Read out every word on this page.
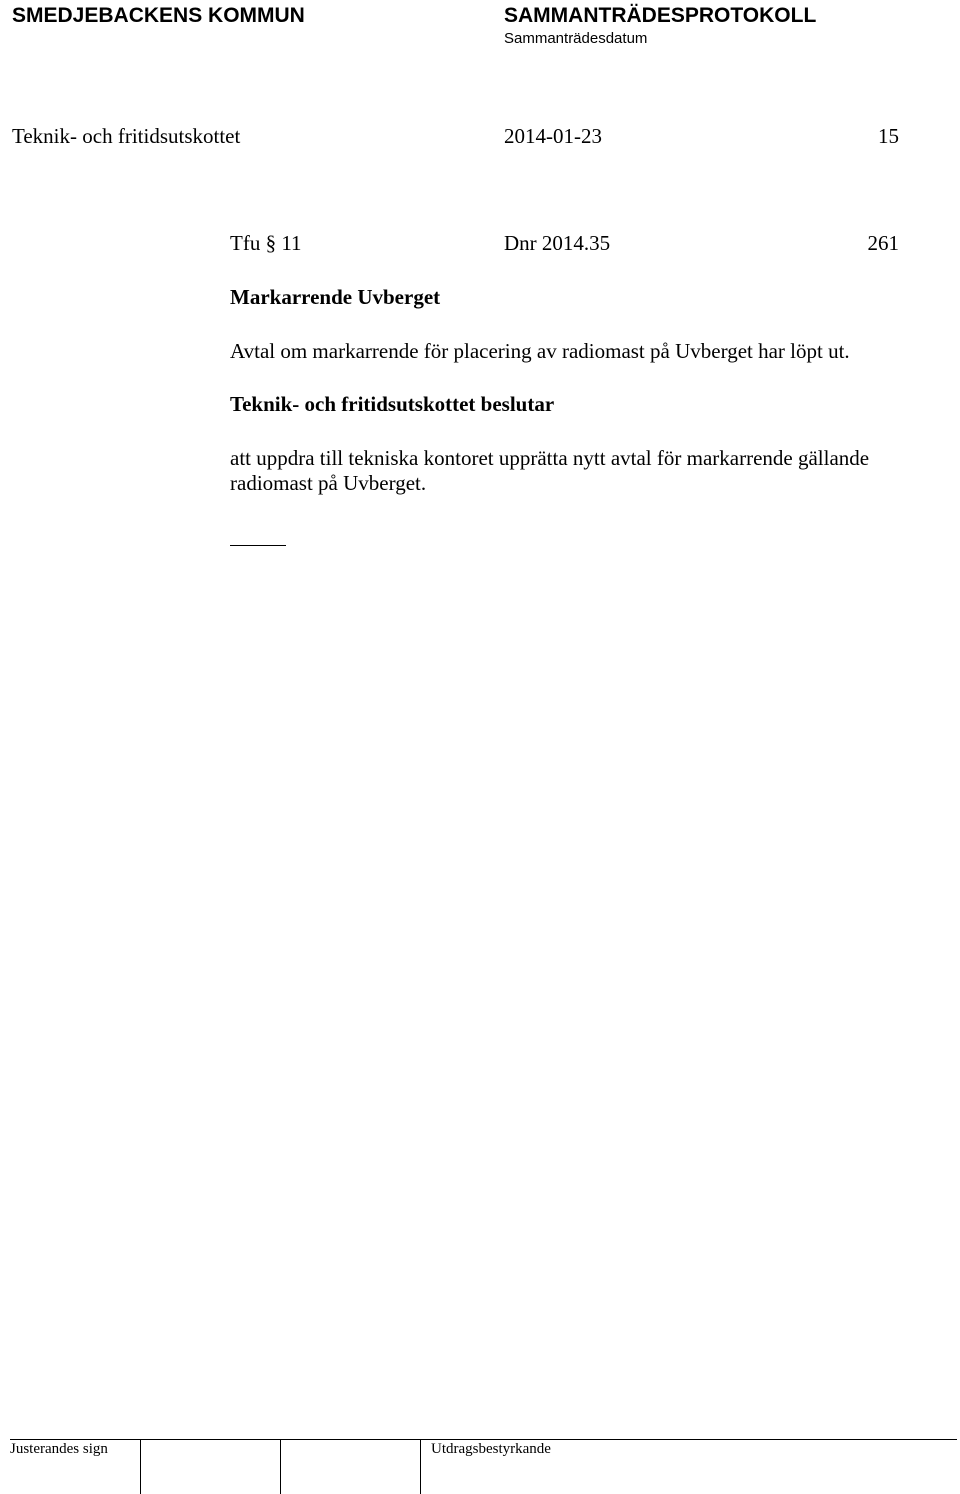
SMEDJEBACKENS KOMMUN	SAMMANTRÄDESPROTOKOLL
Sammanträdesdatum
Teknik- och fritidsutskottet	2014-01-23	15
Tfu § 11	Dnr 2014.35	261
Markarrende Uvberget
Avtal om markarrende för placering av radiomast på Uvberget har löpt ut.
Teknik- och fritidsutskottet beslutar
att uppdra till tekniska kontoret upprätta nytt avtal för markarrende gällande radiomast på Uvberget.
Justerandes sign	Utdragsbestyrkande
